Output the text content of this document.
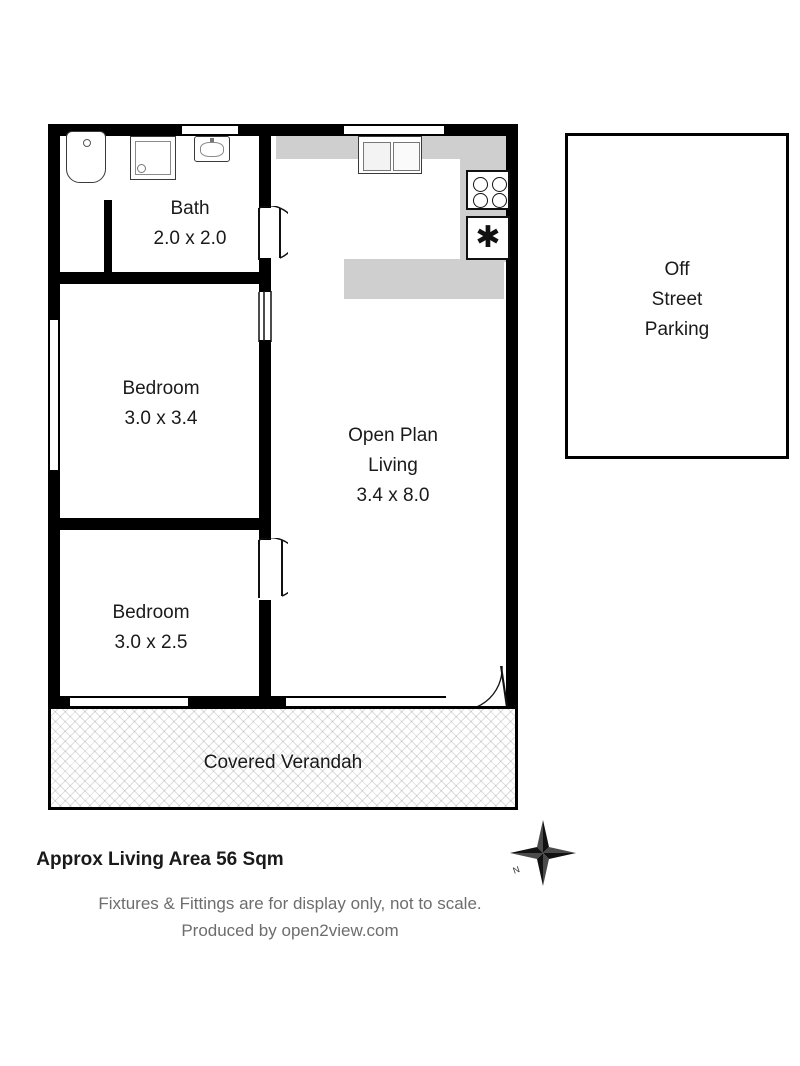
✱
Bath
2.0 x 2.0
Bedroom
3.0 x 3.4
Bedroom
3.0 x 2.5
Open Plan
Living
3.4 x 8.0
Covered Verandah
Off
Street
Parking
Approx Living Area 56 Sqm
Fixtures & Fittings are for display only, not to scale.
Produced by open2view.com
N
